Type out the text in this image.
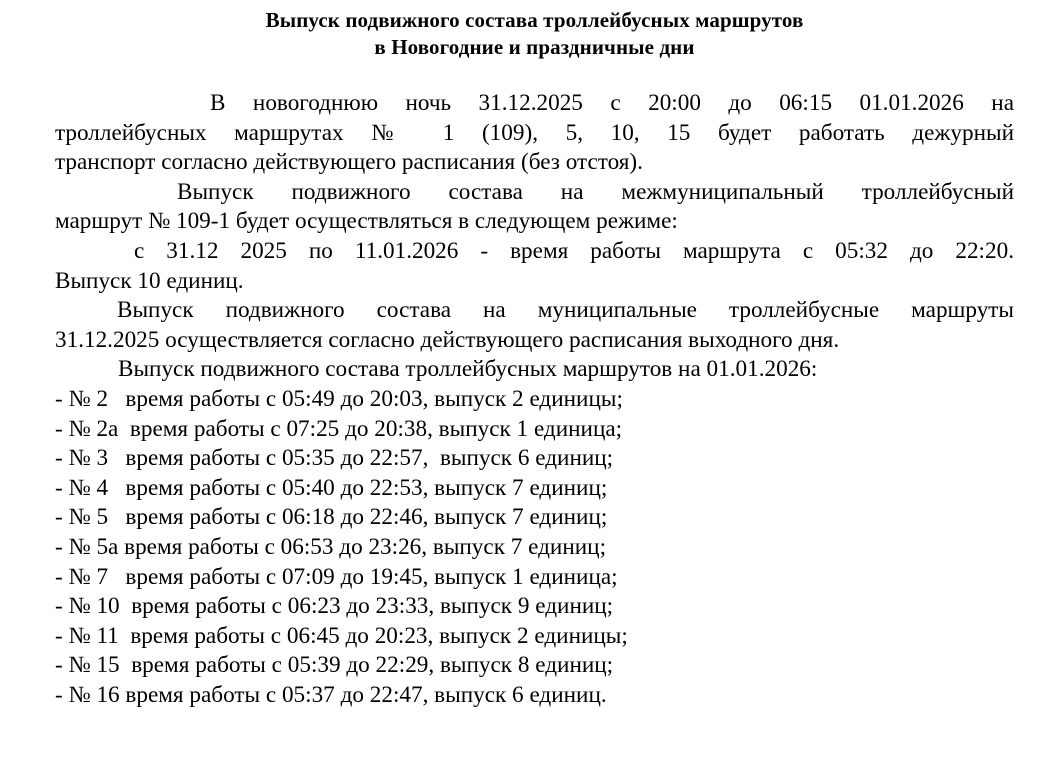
Выпуск подвижного состава троллейбусных маршрутов
в Новогодние и праздничные дни
В новогоднюю ночь 31.12.2025 с 20:00 до 06:15 01.01.2026 на
троллейбусных маршрутах № 1 (109), 5, 10, 15 будет работать дежурный
транспорт согласно действующего расписания (без отстоя).
Выпуск подвижного состава на межмуниципальный троллейбусный
маршрут № 109-1 будет осуществляться в следующем режиме:
с 31.12 2025 по 11.01.2026 - время работы маршрута с 05:32 до 22:20.
Выпуск 10 единиц.
Выпуск подвижного состава на муниципальные троллейбусные маршруты
31.12.2025 осуществляется согласно действующего расписания выходного дня.
Выпуск подвижного состава троллейбусных маршрутов на 01.01.2026:
- № 2   время работы с 05:49 до 20:03, выпуск 2 единицы;
- № 2а  время работы с 07:25 до 20:38, выпуск 1 единица;
- № 3   время работы с 05:35 до 22:57,  выпуск 6 единиц;
- № 4   время работы с 05:40 до 22:53, выпуск 7 единиц;
- № 5   время работы с 06:18 до 22:46, выпуск 7 единиц;
- № 5а время работы с 06:53 до 23:26, выпуск 7 единиц;
- № 7   время работы с 07:09 до 19:45, выпуск 1 единица;
- № 10  время работы с 06:23 до 23:33, выпуск 9 единиц;
- № 11  время работы с 06:45 до 20:23, выпуск 2 единицы;
- № 15  время работы с 05:39 до 22:29, выпуск 8 единиц;
- № 16 время работы с 05:37 до 22:47, выпуск 6 единиц.
